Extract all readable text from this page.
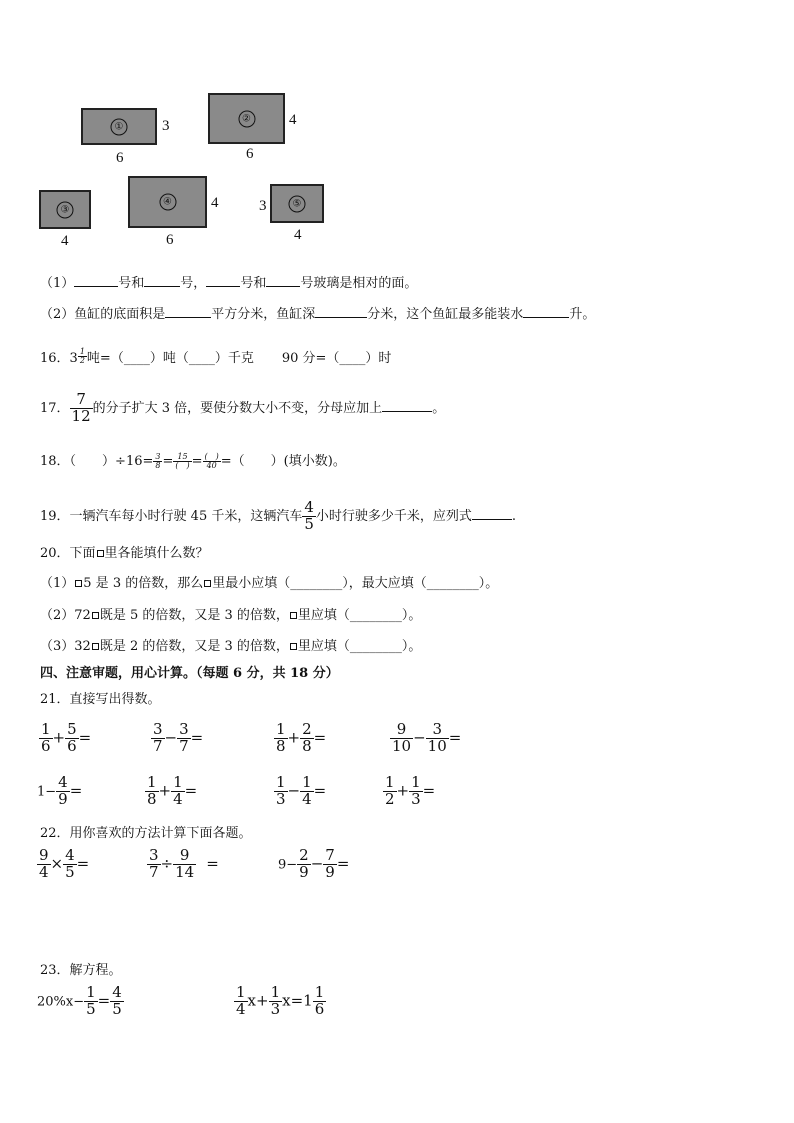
①	3
6
②	4
6
③
4
④	4
6
3	⑤
4
（1）	号和	号，	号和	号玻璃是相对的面。
（2）鱼缸的底面积是	平方分米，鱼缸深	分米，这个鱼缸最多能装水	升。
16．$3 \frac{1}{2}$ 吨=（____）吨（____）千克 90 分=（____）时
17． $\frac{7}{12}$ 的分子扩大 3 倍，要使分数大小不变，分母应加上	。
18．（　　）$\div 16= \frac{3}{8} = \frac{15}{( )} = \frac{( )}{40}$ =（　　）(填小数)。
19．一辆汽车每小时行驶 45 千米，这辆汽车 $\frac{4}{5}$ 小时行驶多少千米，应列式	.
20．下面 里各能填什么数？
（1） 5 是 3 的倍数，那么 里最小应填（________），最大应填（________）。
（2）72 既是 5 的倍数，又是 3 的倍数， 里应填（________）。
（3）32 既是 2 的倍数，又是 3 的倍数， 里应填（________）。
四、注意审题，用心计算。（每题 6 分，共 18 分）
21．直接写出得数。
$\frac{1}{6} + \frac{5}{6}$ =	$\frac{3}{7} - \frac{3}{7}$ =	$\frac{1}{8} + \frac{2}{8}$ =	$\frac{9}{10} - \frac{3}{10}$ =
$1- \frac{4}{9}$ =	$\frac{1}{8} + \frac{1}{4}$ =	$\frac{1}{3} - \frac{1}{4}$ =	$\frac{1}{2} + \frac{1}{3}$ =
22．用你喜欢的方法计算下面各题。
$\frac{9}{4} \times \frac{4}{5}$ =	$\frac{3}{7} \div \frac{9}{14}$ =	$9- \frac{2}{9} - \frac{7}{9}$ =
23．解方程。
$20\%x- \frac{1}{5} = \frac{4}{5}$	$\frac{1}{4} x+ \frac{1}{3} x=1 \frac{1}{6}$
